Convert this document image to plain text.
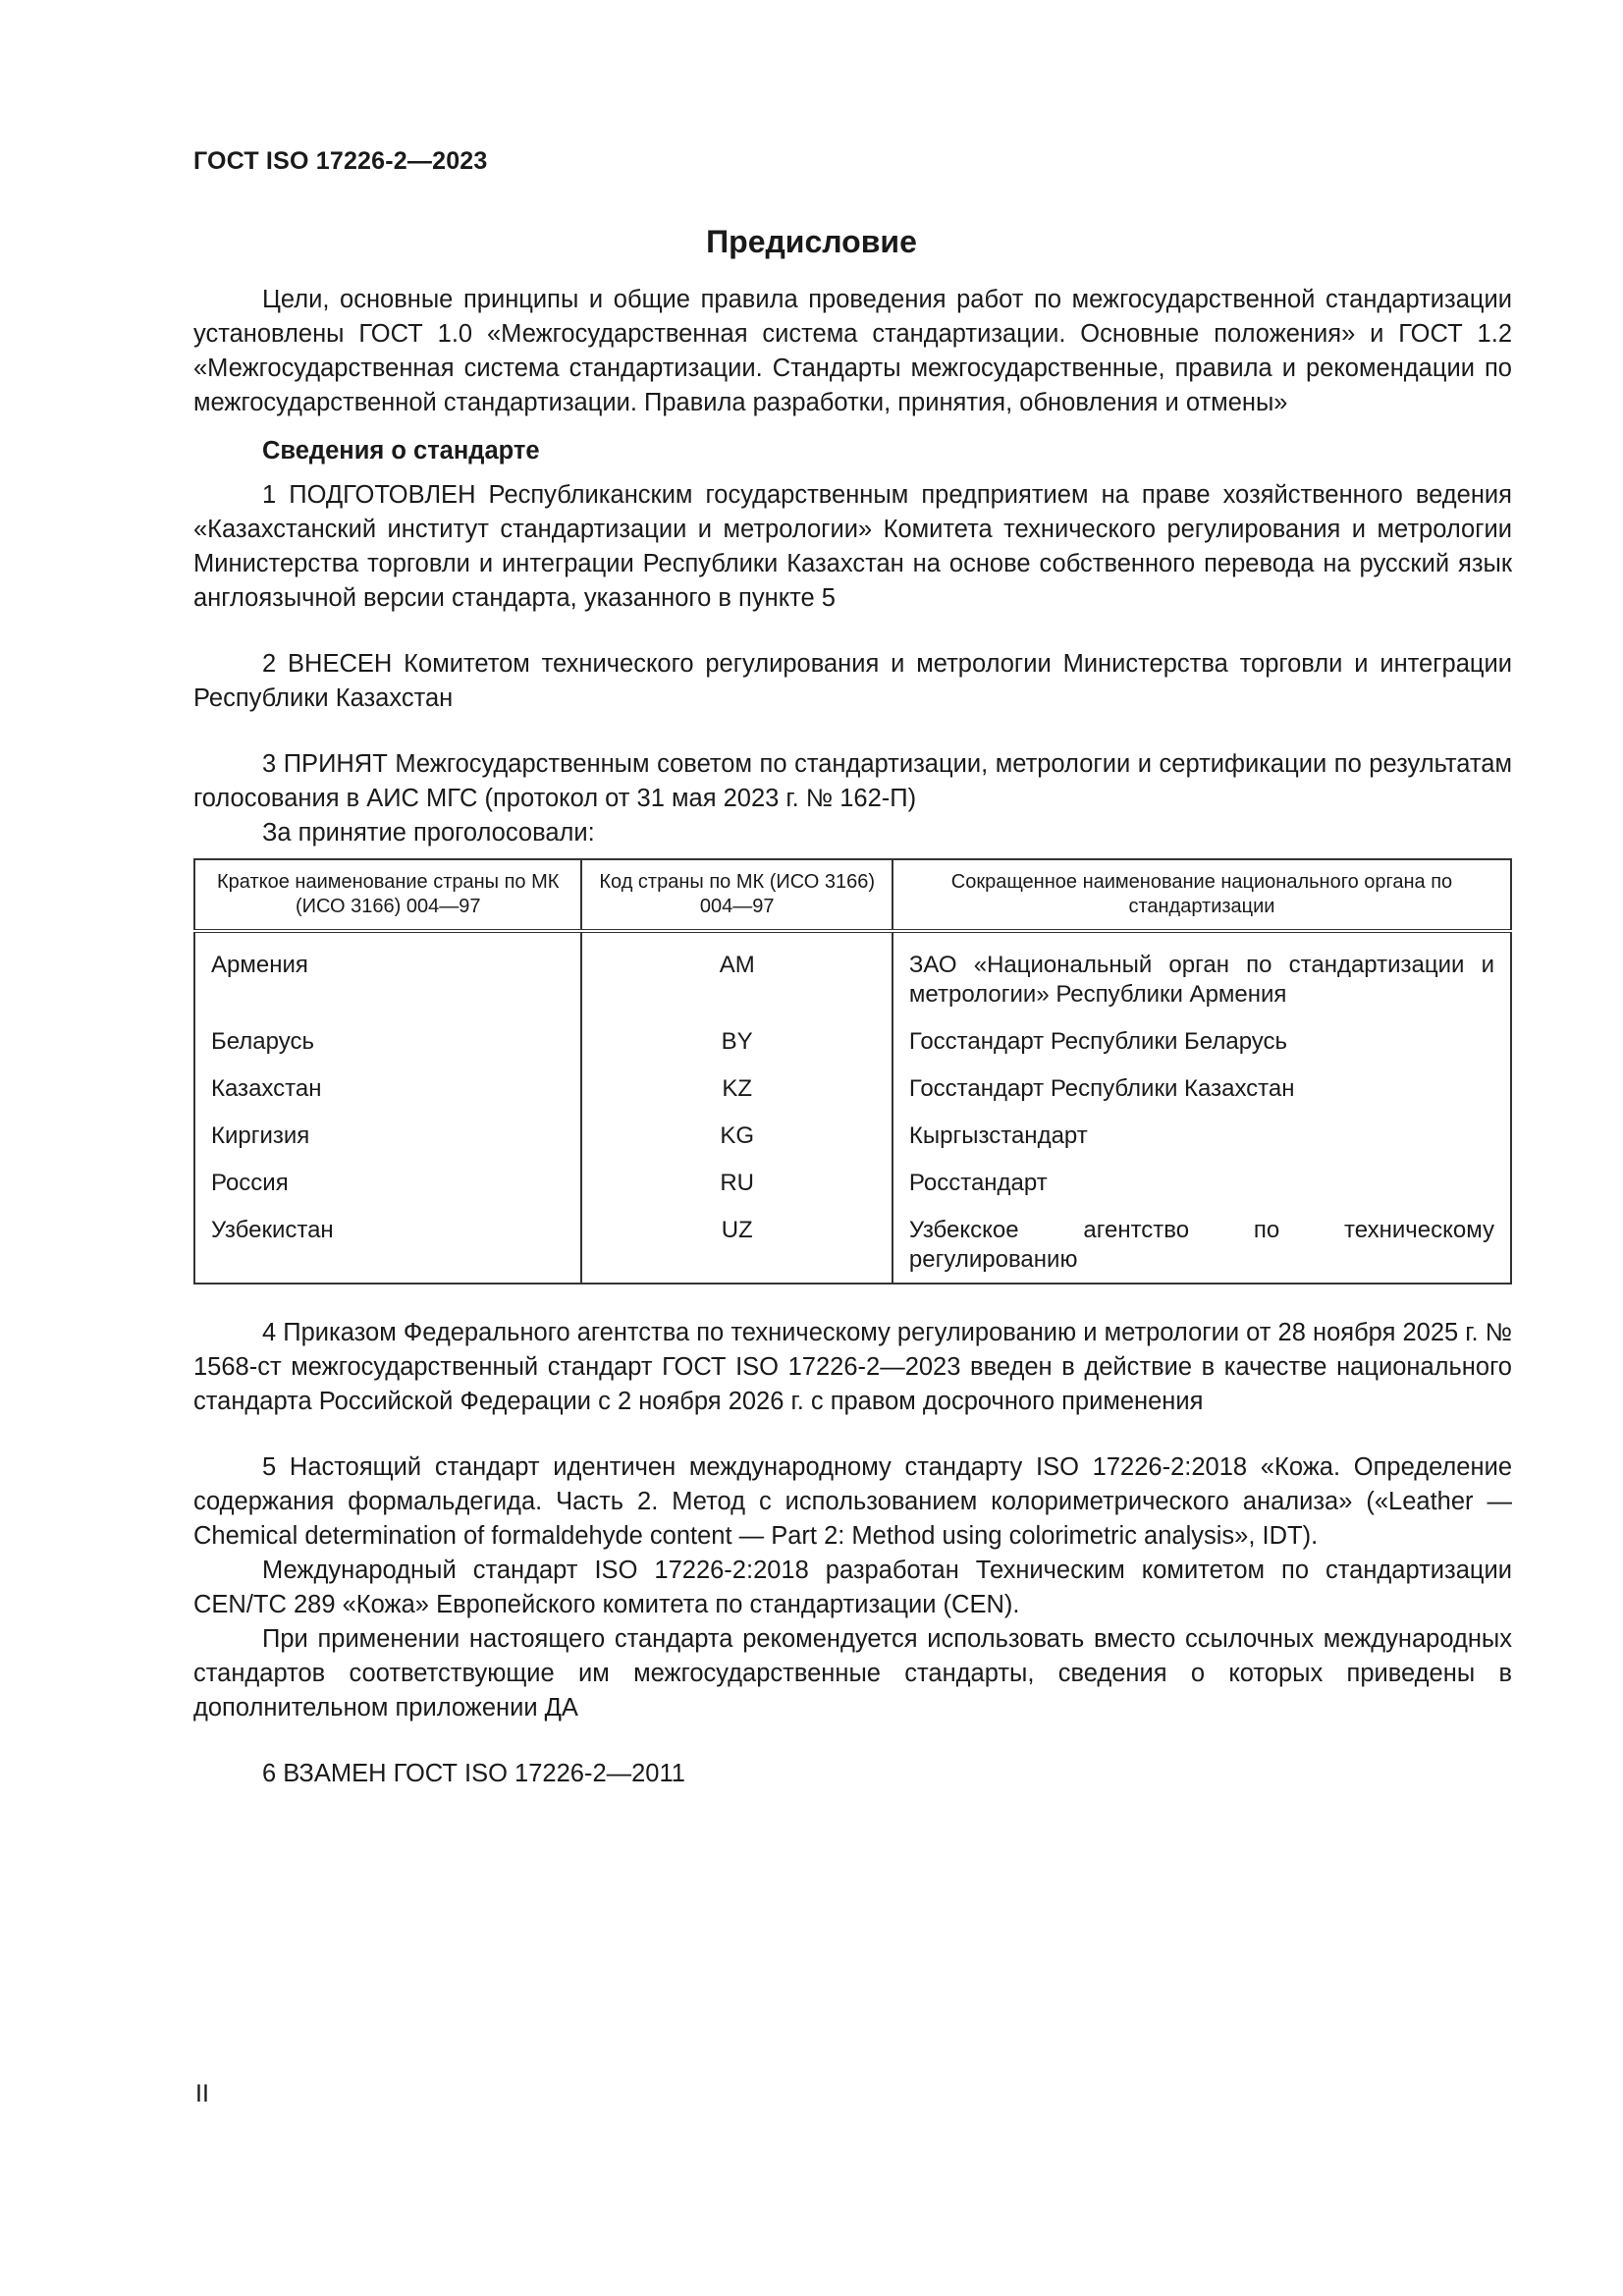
ГОСТ ISO 17226-2—2023
Предисловие

Цели, основные принципы и общие правила проведения работ по межгосударственной стандартизации установлены ГОСТ 1.0 «Межгосударственная система стандартизации. Основные положения» и ГОСТ 1.2 «Межгосударственная система стандартизации. Стандарты межгосударственные, правила и рекомендации по межгосударственной стандартизации. Правила разработки, принятия, обновления и отмены»

Сведения о стандарте

1 ПОДГОТОВЛЕН Республиканским государственным предприятием на праве хозяйственного ведения «Казахстанский институт стандартизации и метрологии» Комитета технического регулирования и метрологии Министерства торговли и интеграции Республики Казахстан на основе собственного перевода на русский язык англоязычной версии стандарта, указанного в пункте 5

2 ВНЕСЕН Комитетом технического регулирования и метрологии Министерства торговли и интеграции Республики Казахстан

3 ПРИНЯТ Межгосударственным советом по стандартизации, метрологии и сертификации по результатам голосования в АИС МГС (протокол от 31 мая 2023 г. № 162-П)

За принятие проголосовали:

Краткое наименование страны по МК (ИСО 3166) 004—97	Код страны по МК (ИСО 3166) 004—97	Сокращенное наименование национального органа по стандартизации
Армения	AM	ЗАО «Национальный орган по стандартизации и метрологии» Республики Армения
Беларусь	BY	Госстандарт Республики Беларусь
Казахстан	KZ	Госстандарт Республики Казахстан
Киргизия	KG	Кыргызстандарт
Россия	RU	Росстандарт
Узбекистан	UZ	Узбекское агентство по техническому регулированию

4 Приказом Федерального агентства по техническому регулированию и метрологии от 28 ноября 2025 г. № 1568-ст межгосударственный стандарт ГОСТ ISO 17226-2—2023 введен в действие в качестве национального стандарта Российской Федерации с 2 ноября 2026 г. с правом досрочного применения

5 Настоящий стандарт идентичен международному стандарту ISO 17226-2:2018 «Кожа. Определение содержания формальдегида. Часть 2. Метод с использованием колориметрического анализа» («Leather — Chemical determination of formaldehyde content — Part 2: Method using colorimetric analysis», IDT).

Международный стандарт ISO 17226-2:2018 разработан Техническим комитетом по стандартизации CEN/TC 289 «Кожа» Европейского комитета по стандартизации (CEN).

При применении настоящего стандарта рекомендуется использовать вместо ссылочных международных стандартов соответствующие им межгосударственные стандарты, сведения о которых приведены в дополнительном приложении ДА

6 ВЗАМЕН ГОСТ ISO 17226-2—2011

II
